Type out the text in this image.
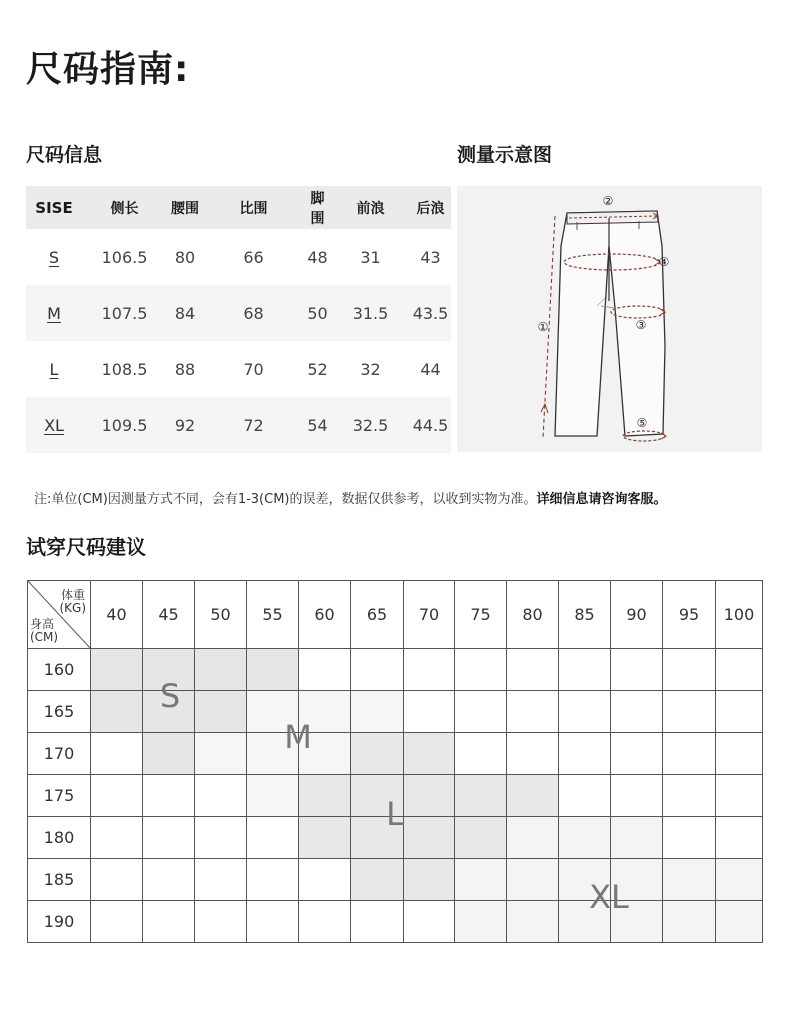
尺码指南:
尺码信息	测量示意图
SISE	侧长	腰围	比围	脚围	前浪	后浪
S	106.5	80	66	48	31	43
M	107.5	84	68	50	31.5	43.5
L	108.5	88	70	52	32	44
XL	109.5	92	72	54	32.5	44.5
②
④
③
①
⑤
注:单位(CM)因测量方式不同，会有1-3(CM)的误差，数据仅供参考，以收到实物为准。详细信息请咨询客服。
试穿尺码建议
体重
(KG)
身高
(CM)	40	45	50	55	60	65	70	75	80	85	90	95	100
160													
165													
170													
175													
180													
185													
190													
S
M
L
XL
